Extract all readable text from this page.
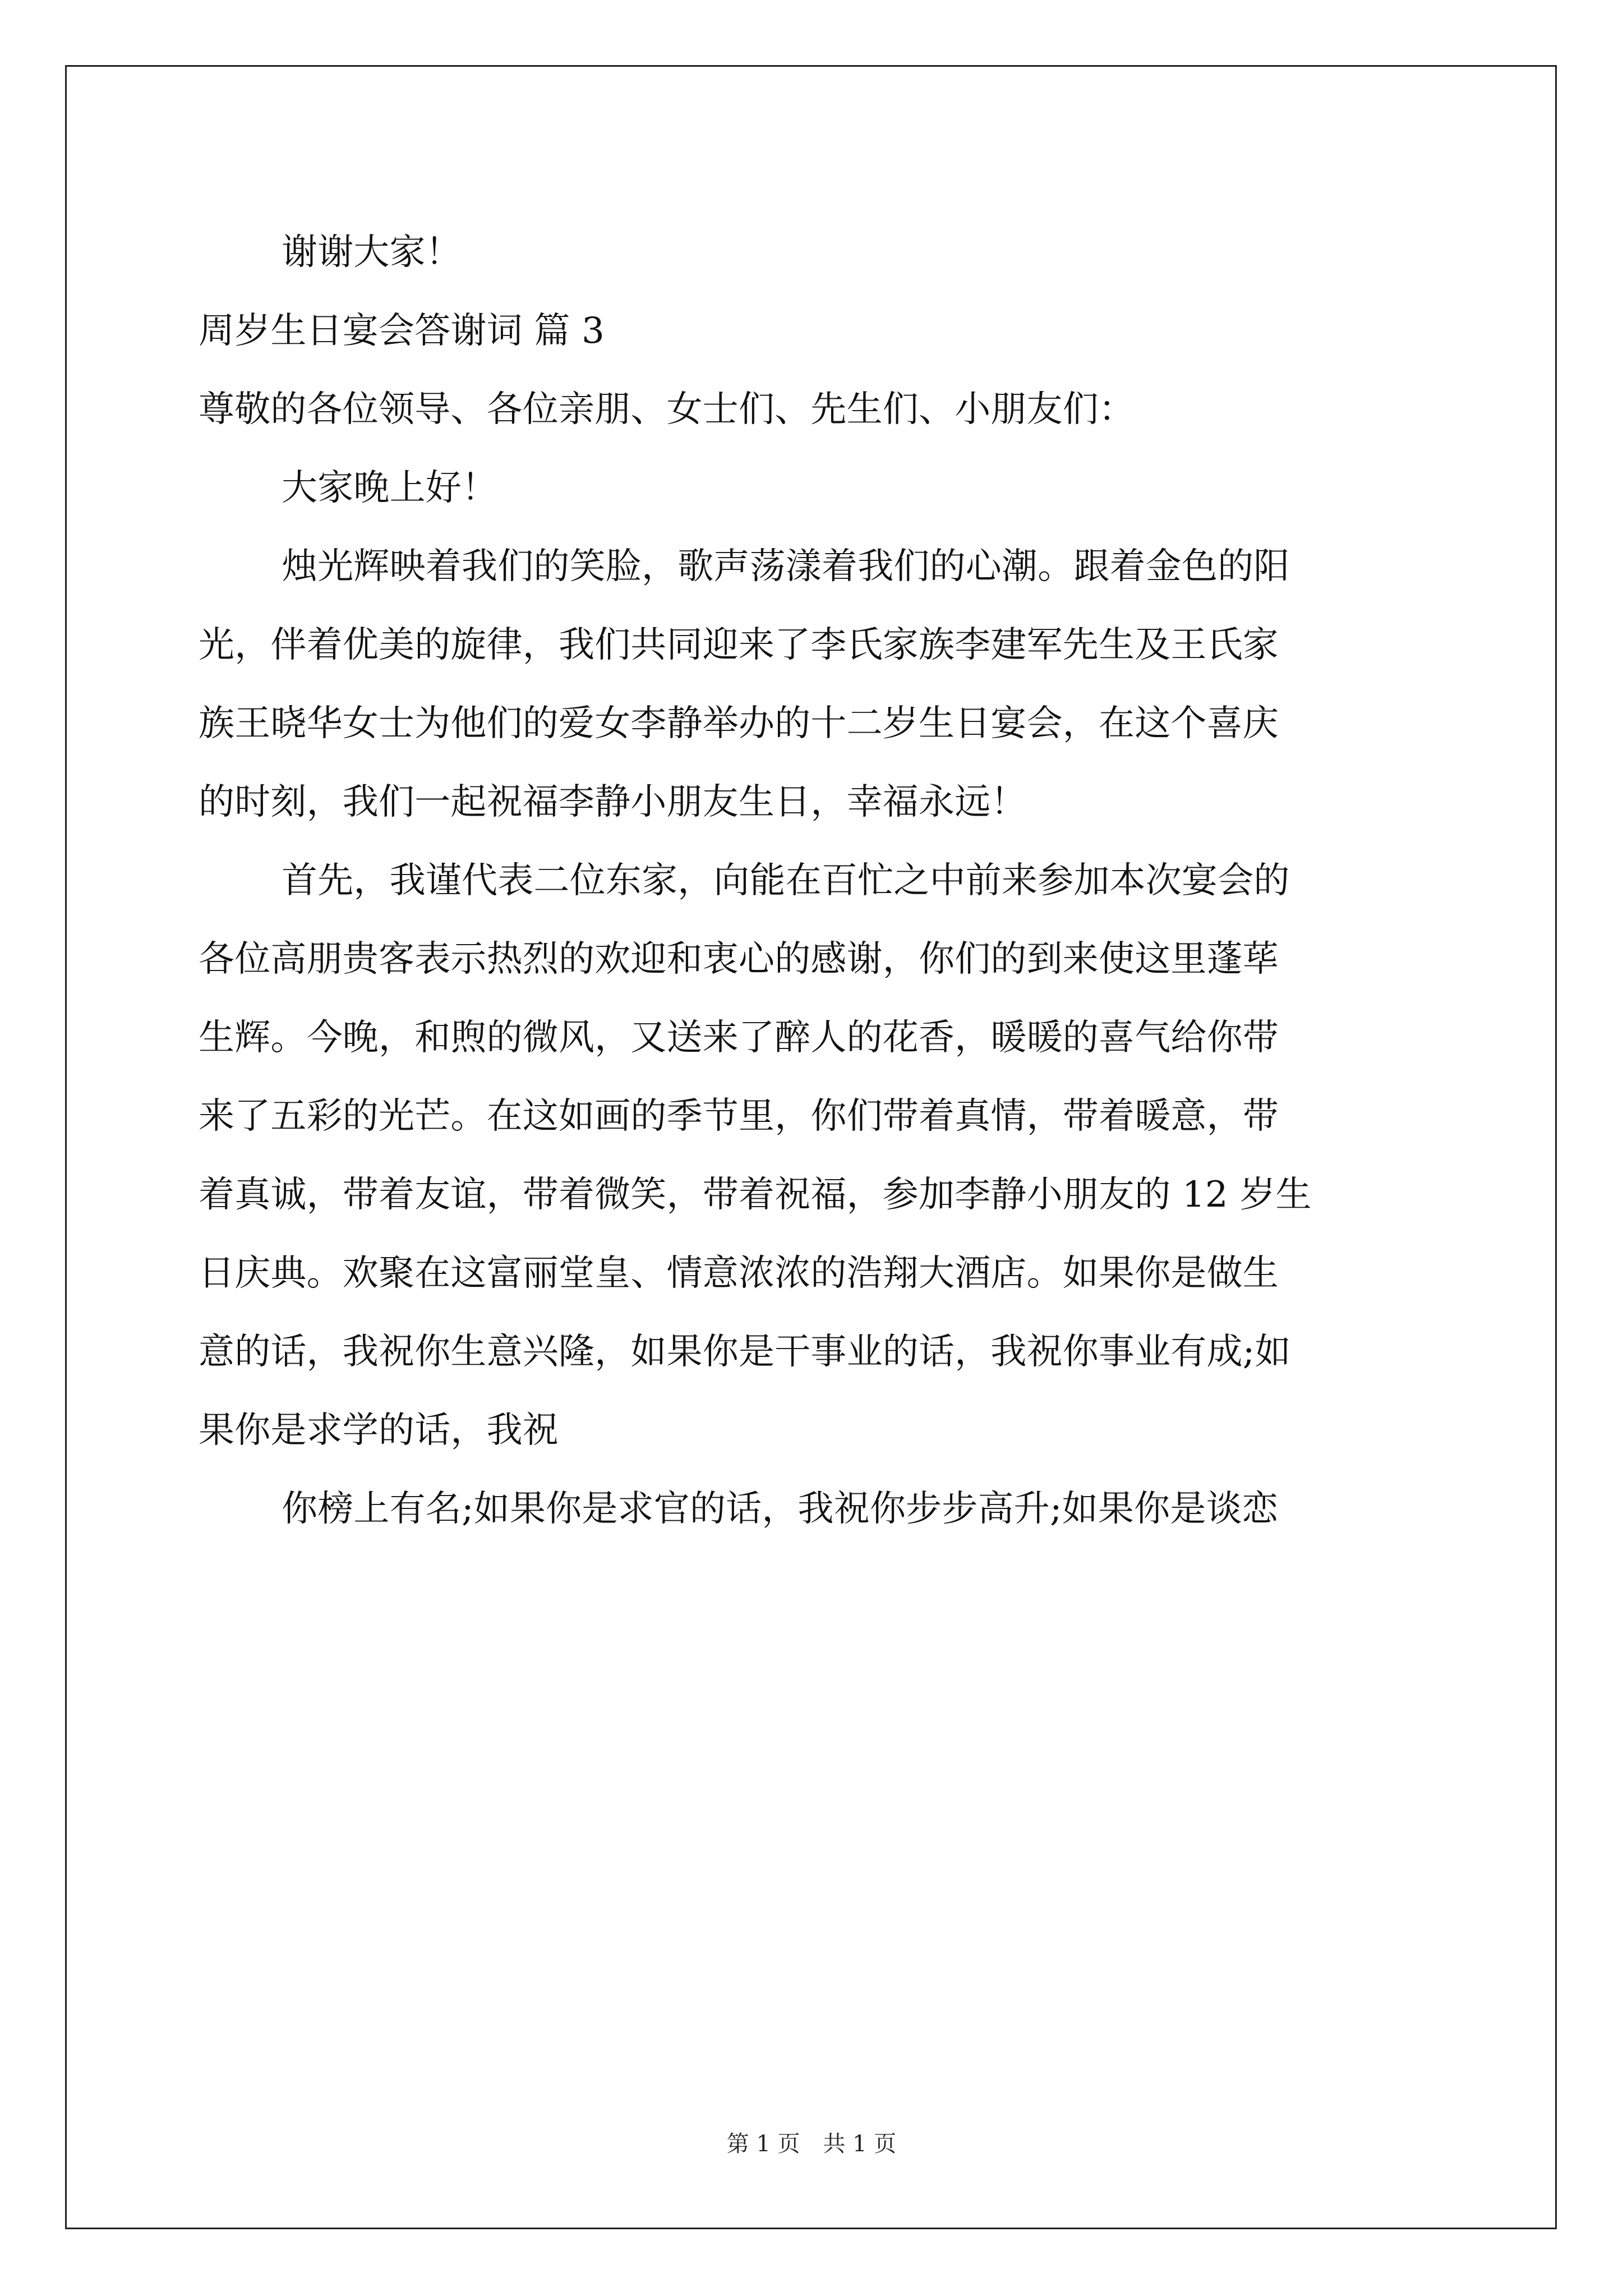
谢谢大家！
周岁生日宴会答谢词 篇 3
尊敬的各位领导、各位亲朋、女士们、先生们、小朋友们：
大家晚上好！
烛光辉映着我们的笑脸，歌声荡漾着我们的心潮。跟着金色的阳
光，伴着优美的旋律，我们共同迎来了李氏家族李建军先生及王氏家
族王晓华女士为他们的爱女李静举办的十二岁生日宴会，在这个喜庆
的时刻，我们一起祝福李静小朋友生日，幸福永远！
首先，我谨代表二位东家，向能在百忙之中前来参加本次宴会的
各位高朋贵客表示热烈的欢迎和衷心的感谢，你们的到来使这里蓬荜
生辉。今晚，和煦的微风，又送来了醉人的花香，暖暖的喜气给你带
来了五彩的光芒。在这如画的季节里，你们带着真情，带着暖意，带
着真诚，带着友谊，带着微笑，带着祝福，参加李静小朋友的 12 岁生
日庆典。欢聚在这富丽堂皇、情意浓浓的浩翔大酒店。如果你是做生
意的话，我祝你生意兴隆，如果你是干事业的话，我祝你事业有成;如
果你是求学的话，我祝
你榜上有名;如果你是求官的话，我祝你步步高升;如果你是谈恋
第 1 页 共 1 页
